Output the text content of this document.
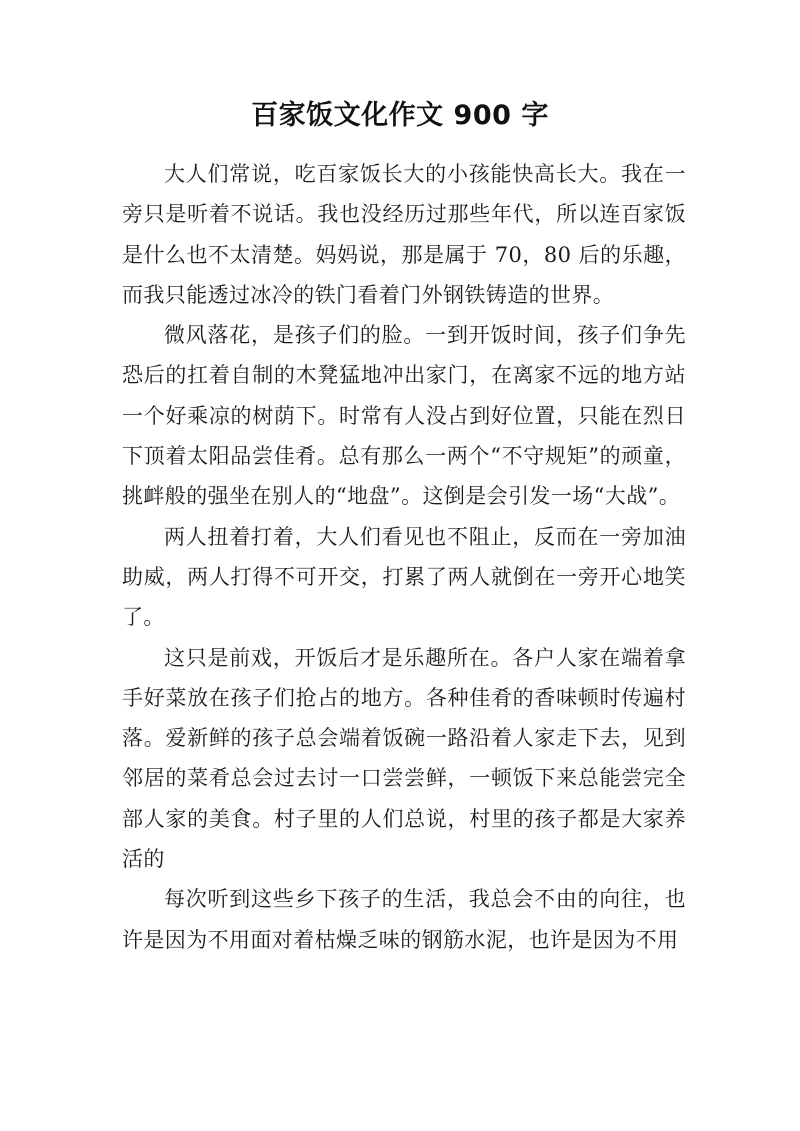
百家饭文化作文 900 字

大人们常说，吃百家饭长大的小孩能快高长大。我在一旁只是听着不说话。我也没经历过那些年代，所以连百家饭是什么也不太清楚。妈妈说，那是属于 70，80 后的乐趣，而我只能透过冰冷的铁门看着门外钢铁铸造的世界。

微风落花，是孩子们的脸。一到开饭时间，孩子们争先恐后的扛着自制的木凳猛地冲出家门，在离家不远的地方站一个好乘凉的树荫下。时常有人没占到好位置，只能在烈日下顶着太阳品尝佳肴。总有那么一两个“不守规矩”的顽童，挑衅般的强坐在别人的“地盘”。这倒是会引发一场“大战”。

两人扭着打着，大人们看见也不阻止，反而在一旁加油助威，两人打得不可开交，打累了两人就倒在一旁开心地笑了。

这只是前戏，开饭后才是乐趣所在。各户人家在端着拿手好菜放在孩子们抢占的地方。各种佳肴的香味顿时传遍村落。爱新鲜的孩子总会端着饭碗一路沿着人家走下去，见到邻居的菜肴总会过去讨一口尝尝鲜，一顿饭下来总能尝完全部人家的美食。村子里的人们总说，村里的孩子都是大家养活的

每次听到这些乡下孩子的生活，我总会不由的向往，也许是因为不用面对着枯燥乏味的钢筋水泥，也许是因为不用
